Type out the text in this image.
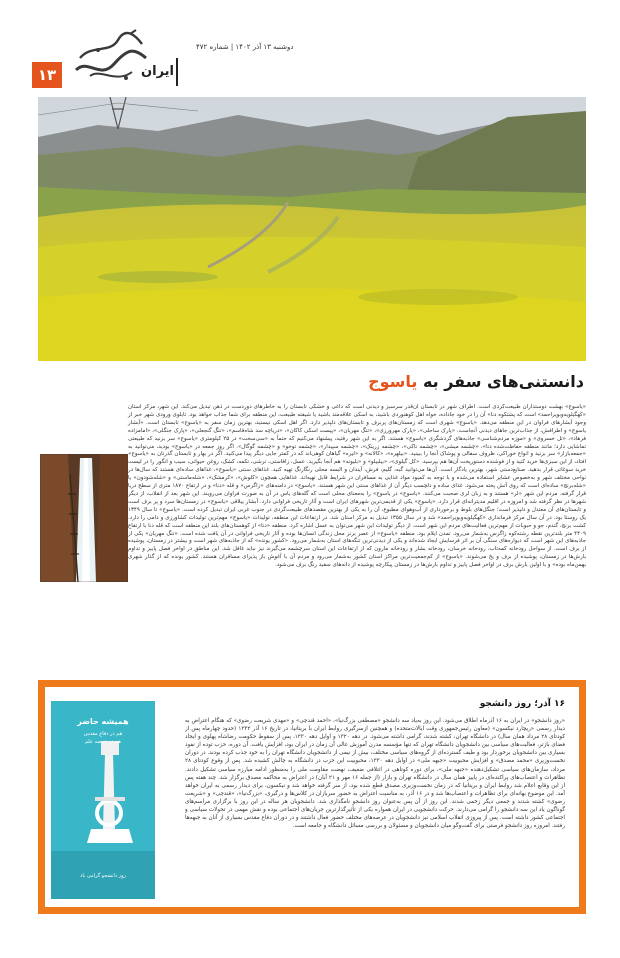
۱۳	ایران
دوشنبه ۱۳ آذر ۱۴۰۲ | شماره ۴۷۲
دانستنی‌های سفر به یاسوج
«یاسوج» بهشت دوستداران طبیعت‌گردی است. اطراف شهر در تابستان آن‌قدر سرسبز و دیدنی است که داغی و خشکی تابستان را به خاطرهای دوردست در ذهن تبدیل می‌کند. این شهر، مرکز استان «کهگیلویه‌وبویراحمد» است که پشتکوه دنا» آن را در خود جاداده، خواه اهل کوهنوردی باشید، به اسکی علاقه‌مند باشید یا شیفته طبیعت، این منطقه برای شما جذاب خواهد بود. تابلوی ورودی شهر خبر از وجود آبشارهای فراوان در این منطقه می‌دهد. «یاسوج» شهری است که زمستان‌های پربرف و تابستان‌های دلپذیر دارد. اگر اهل اسکی نیستید، بهترین زمان سفر به «یاسوج» تابستان است. «آبشار یاسوج» و اطرافش، از جذاب‌ترین جاهای دیدنی آنجاست. «پارک ساحلی»، «پارک مهرورزی»، «تنگ مهریان»، «پیست اسکی کاکان»، «دریاچه سد شاه‌قاسم»، «تنگ گنجعلی»، «پارک جنگلی»، «امامزاده فرهاد»، «تل خسروی» و «موزه مردم‌شناسی» جاذبه‌های گردشگری «یاسوج» هستند. اگر به این شهر رفتید، پیشنهاد می‌کنیم که حتماً به «سی‌سخت» در ۲۵ کیلومتری «یاسوج» سر بزنید که طبیعتی تماشایی دارد؛ مانند منطقه حفاظت‌شده دنا»، «چشمه میشی»، «چشمه ناکی»، «چشمه زرینک»، «چشمه سپیدار»، «چشمه توخو» و «چشمه گوگال». اگر روز جمعه در «یاسوج» بودید، می‌توانید به «جمعه‌بازار» سر بزنید و انواع خوراکی، ظروف سفالی و پوشاک آنجا را ببینید. «بیلهره»، «کالانه» و «لیره» گیاهان کوهی‌اند که در کمتر جایی دیگر پیدا می‌کنید. اگر در بهار و تابستان گذرتان به «یاسوج» افتاد، از این سبزی‌ها خرید کنید و از فوشنده دستورپخت آن‌ها هم بپرسید. «کل گیلوی»، «بیلبیلو» و «بلیونه» هم آنجا بگیرید. عسل، زافاستی، ترشی، تکمه، کشک، روغن حیوانی، سیب و انگور را در لیست خرید سوغاتی قرار بدهید. صنایع‌دستی شهر، بهترین یادگار است. آن‌ها می‌توانید گبه، گلیم، فرش، آیندان و البسه محلی رنگارنگ تهیه کنید. غذاهای سنتی «یاسوج»، غذاهای ساده‌ای هستند که سال‌ها در نواحی مختلف شهر و به‌خصوص عشایر استفاده می‌شده و با توجه به کمبود مواد غذایی به مسافران در شرایط قابل تهیه‌اند. غذاهایی همچون «کلوش»، «کرمشک»، «شله‌ماستی» و «شله‌شودون» یا «شله‌برنج» ساده‌ای است که روی آتش پخته می‌شود. غذای ساده و دلچسب دیگر آن از غذاهای سنتی این شهر هستند. «یاسوج» در دامنه‌های «زاگرس» و قله «دنا» و در ارتفاع ۱۸۷۰ متری از سطح دریا قرار گرفته. مردم این شهر «لر» هستند و به زبان لری صحبت می‌کنند. «یاسوج» در یاسوج» را به‌معنای محلی است که گله‌های یاس در آن به صورت فراوان می‌رویند. این شهر بعد از انقلاب، از دیگر شهرها در نظر گرفته شد و امروزه در اقلیم مدیترانه‌ای قرار دارد. «یاسوج» یکی از قدیمی‌ترین شهرهای ایران است و آثار تاریخی فراوانی دارد. آبشار ییلاقی «یاسوج» در زمستان‌ها سرد و پر برف است و تابستان‌های آن معتدل و دلپذیر است؛ جنگل‌های بلوط و برخورداری از آب‌وهوای مطبوع، آن را به یکی از بهترین مقصدهای طبیعت‌گردی در جنوب غربی ایران تبدیل کرده است. «یاسوج» تا سال ۱۳۴۹ یک روستا بود. در آن سال مرکز فرمانداری «کهگیلویه‌وبویراحمد» شد و در سال ۱۳۵۵ تبدیل به مرکز استان شد. در ارتفاعات این منطقه، تولیدات «یاسوج» مهم‌ترین تولیدات کشاورزی و دامی را دارد. کشت برنج، گندم، جو و حبوبات از مهم‌ترین فعالیت‌های مردم این شهر است. از دیگر تولیدات این شهر می‌توان به عسل اشاره کرد. منطقه «دنا» از کوهستان‌های بلند این منطقه است که قله دنا با ارتفاع ۴۴۰۹ متر بلندترین نقطه رشته‌کوه زاگرس به‌شمار می‌رود. تمدن ایلام بود. منطقه «یاسوج» از عصر برنز محل زندگی انسان‌ها بوده و آثار تاریخی فراوانی در آن یافت شده است. «تنگ مهریان» یکی از جاذبه‌های این شهر است که دیواره‌های سنگی آن بر اثر فرسایش ایجاد شده‌اند و یکی از دیدنی‌ترین تنگه‌های استان به‌شمار می‌رود. «کشور یونده» که از جاذبه‌های شهر است و بیشتر در زمستان، پوشیده از برف است. از سواحل رودخانه کمه‌تاب، رودخانه خرسان، رودخانه بشار و رودخانه مارون که از ارتفاعات این استان سرچشمه می‌گیرند نیز نباید غافل شد. این مناطق در اواخر فصل پاییز و تداوم بارش‌ها در زمستان، پوشیده از برف و یخ می‌شوند. «یاسوج» از کم‌جمعیت‌ترین مراکز استان کشور به‌شمار می‌رود و مردم آن با آغوش باز پذیرای مسافران هستند. کشور یونده که از گذار شهری بهمن‌ماه بوده» و با اولین بارش برف در اواخر فصل پاییز و تداوم بارش‌ها در زمستان پیکارچه پوشیده از دانه‌های سفید رنگ برف می‌شود.
همیشه حاضر
هم در دفاع مقدس
هم در عرصه علم
روز دانشجو گرامی باد
۱۶ آذر؛ روز دانشجو
«روز دانشجو» در ایران به ۱۶ آذرماه اطلاق می‌شود. این روز به‌یاد سه دانشجو «مصطفی بزرگ‌نیا»، «احمد قندچی» و «مهدی شریعت رضوی» که هنگام اعتراض به دیدار رسمی «ریچارد نیکسون» (معاون رئیس‌جمهوری وقت ایالات‌متحده) و همچنین ازسرگیری روابط ایران با بریتانیا، در تاریخ ۱۶ آذر ۱۳۳۲ (حدود چهارماه پس از کودتای ۲۸ مرداد همان سال) در دانشگاه تهران، کشته شدند، گرامی داشته می‌شود. در دهه ۱۳۲۰ و اوایل دهه ۱۳۳۰، پس از سقوط حکومت رضاشاه پهلوی و ایجاد فضای بازتر، فعالیت‌های سیاسی بین دانشجویان دانشگاه تهران که تنها مؤسسه مدرن آموزش عالی آن زمان در ایران بود، افزایش یافت. آن دوره، حزب توده از نفوذ بسیاری بین دانشجویان برخوردار بود و طیف گسترده‌ای از گروه‌های سیاسی مختلف، بیش از نیمی از دانشجویان دانشگاه تهران را به خود جذب کرده بودند. در دوران نخست‌وزیری «محمد مصدق» و افزایش محبوبیت «جبهه ملی» در اوایل دهه ۱۳۳۰، محبوبیت این حزب در دانشگاه به چالش کشیده شد. پس از وقوع کودتای ۲۸ مرداد، سازمان‌های سیاسی تشکیل‌دهنده «جبهه ملی»، برای دوره کوتاهی در ائتلافی ضعیف، نهضت مقاومت ملی را به‌منظور ادامه مبارزه سیاسی تشکیل دادند. تظاهرات و اعتصاب‌های پراکنده‌ای در پاییز همان سال در دانشگاه تهران و بازار (از جمله ۱۶ مهر و ۲۱ آبان) در اعتراض به محاکمه مصدق برگزار شد. چند هفته پس از این وقایع اعلام شد روابط ایران و بریتانیا که در زمان نخست‌وزیری مصدق قطع شده بود، از سر گرفته خواهد شد و نیکسون، برای دیدار رسمی به ایران خواهد آمد. این موضوع بهانه‌ای برای تظاهرات و اعتصاب‌ها شد و در ۱۶ آذر، به مناسبت اعتراض به حضور سربازان در کلاس‌ها و درگیری، «بزرگ‌نیا»، «قندچی» و «شریعت رضوی» کشته شدند و جمعی دیگر زخمی شدند. این روز از آن پس به‌عنوان روز دانشجو نامگذاری شد. دانشجویان هر ساله در این روز با برگزاری مراسم‌های گوناگون یاد این سه دانشجو را گرامی می‌دارند. حرکت دانشجویی در ایران همواره یکی از تأثیرگذارترین جریان‌های اجتماعی بوده و نقش مهمی در تحولات سیاسی و اجتماعی کشور داشته است. پس از پیروزی انقلاب اسلامی نیز دانشجویان در عرصه‌های مختلف حضور فعال داشتند و در دوران دفاع مقدس بسیاری از آنان به جبهه‌ها رفتند. امروزه روز دانشجو فرصتی برای گفت‌وگو میان دانشجویان و مسئولان و بررسی مسائل دانشگاه و جامعه است.
